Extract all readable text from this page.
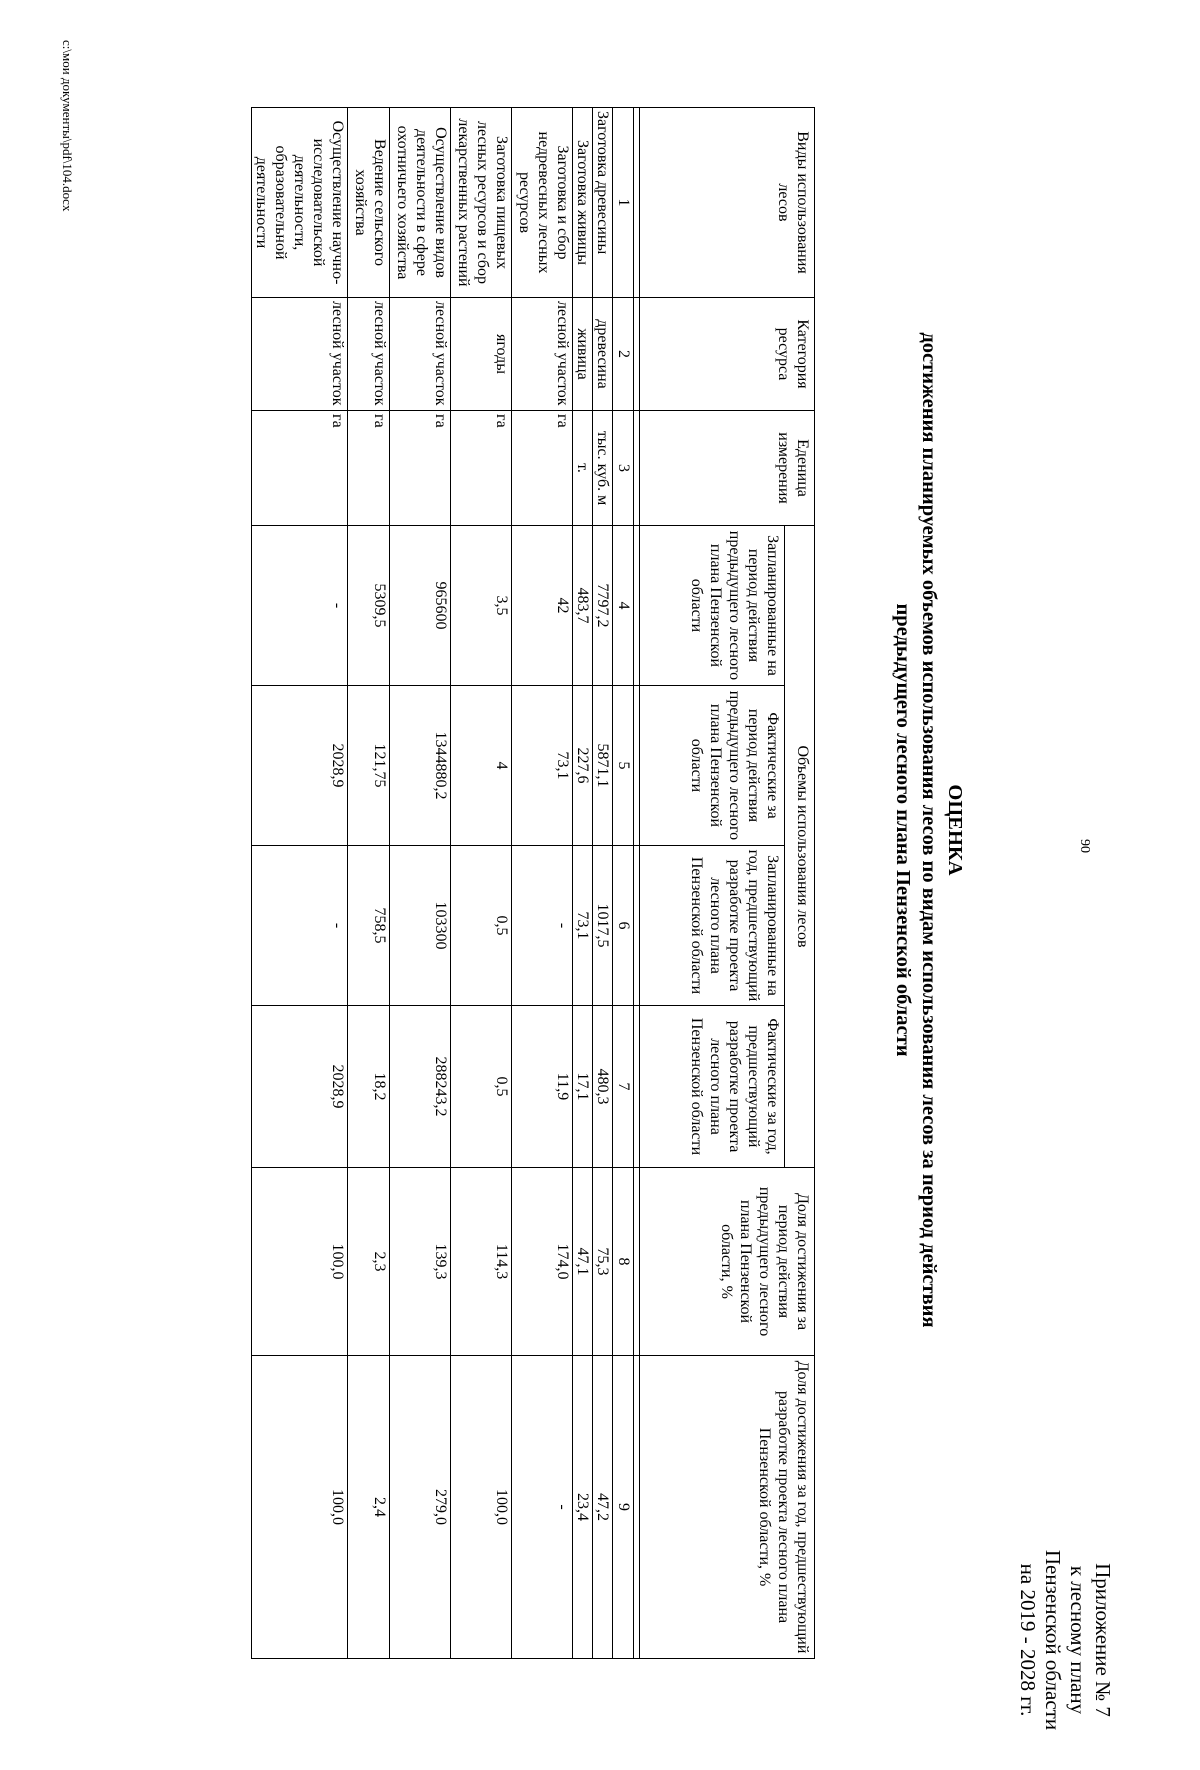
90
Приложение № 7
к лесному плану
Пензенской области
на 2019 - 2028 гг.
ОЦЕНКА
достижения планируемых объемов использования лесов по видам использования лесов за период действия
предыдущего лесного плана Пензенской области
Виды использования лесов	Категория ресурса	Еденица измерения	Объемы использования лесов				Доля достижения за период действия предыдущего лесного плана Пензенской области, %	Доля достижения за год, предшествующий разработке проекта лесного плана Пензенской области, %
			Запланированные на период действия предыдущего лесного плана Пензенской области	Фактические за период действия предыдущего лесного плана Пензенской области	Запланированные на год, предшествующий разработке проекта лесного плана Пензенской области	Фактические за год, предшествующий разработке проекта лесного плана Пензенской области		

1	2	3	4	5	6	7	8	9
Заготовка древесины	древесина	тыс. куб. м	7797,2	5871,1	1017,5	480,3	75,3	47,2
Заготовка живицы	живица	т.	483,7	227,6	73,1	17,1	47,1	23,4
Заготовка и сбор недревесных лесных ресурсов	лесной участок	га	42	73,1	-	11,9	174,0	-
Заготовка пищевых лесных ресурсов и сбор лекарственных растений	ягоды	га	3,5	4	0,5	0,5	114,3	100,0
Осуществление видов деятельности в сфере охотничьего хозяйства	лесной участок	га	965600	1344880,2	103300	288243,2	139,3	279,0
Ведение сельского хозяйства	лесной участок	га	5309,5	121,75	758,5	18,2	2,3	2,4
Осуществление научно-исследовательской деятельности, образовательной деятельности	лесной участок	га	-	2028,9	-	2028,9	100,0	100,0
c:\мои документы\pdf\104.docx
